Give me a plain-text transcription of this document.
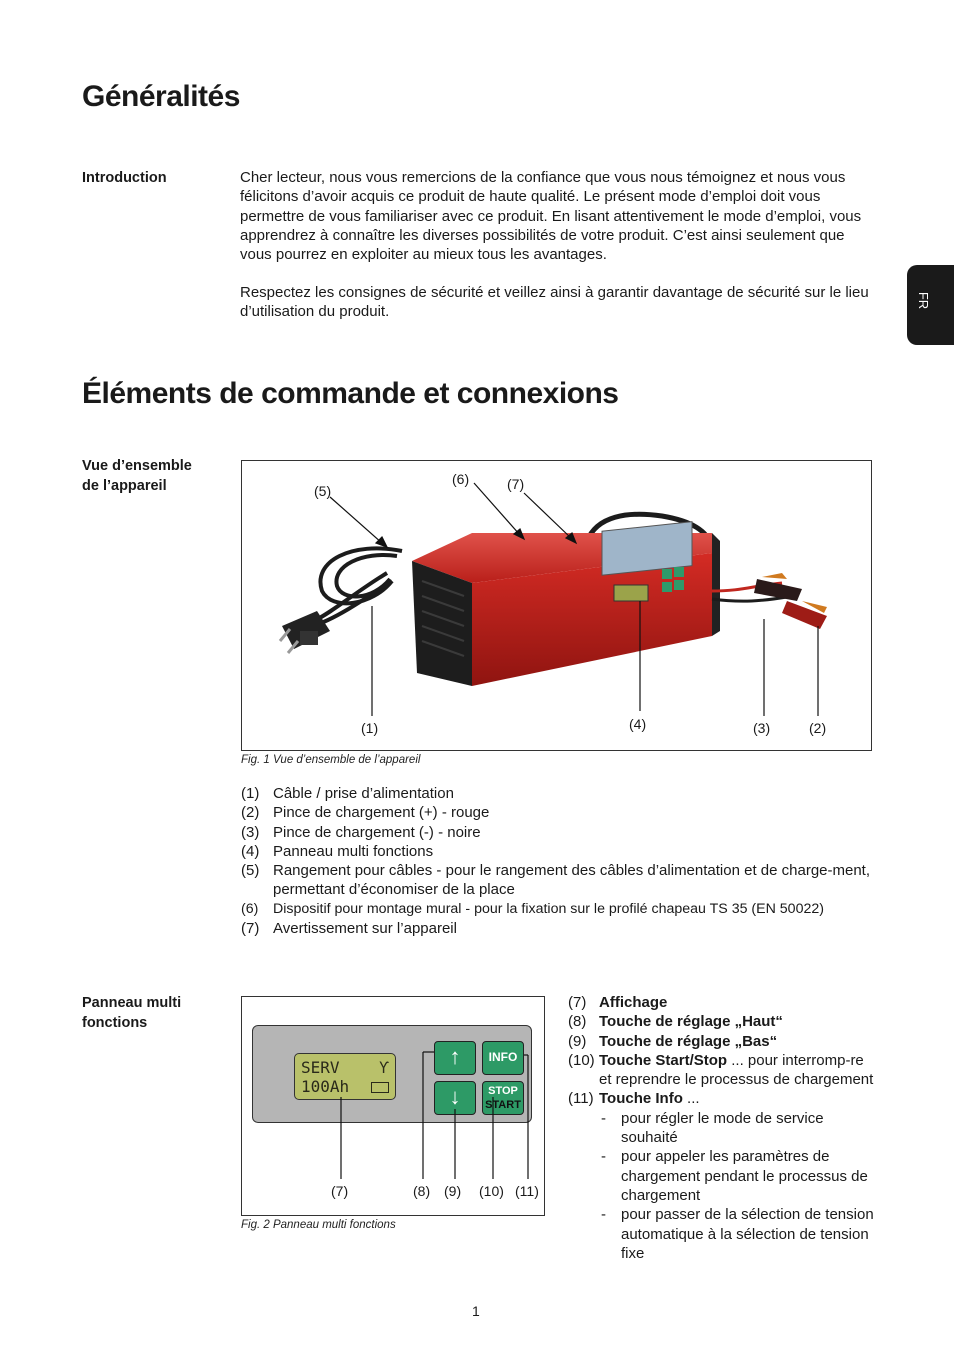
FR
Généralités
Introduction	Cher lecteur, nous vous remercions de la confiance que vous nous témoignez et nous vous félicitons d’avoir acquis ce produit de haute qualité. Le présent mode d’emploi doit vous permettre de vous familiariser avec ce produit. En lisant attentivement le mode d’emploi, vous apprendrez à connaître les diverses possibilités de votre produit. C’est ainsi seulement que vous pourrez en exploiter au mieux tous les avantages.
Respectez les consignes de sécurité et veillez ainsi à garantir davantage de sécurité sur le lieu d’utilisation du produit.
Éléments de commande et connexions
Vue d’ensemble
de l’appareil	(5)
(6)	(7)
(1)	(4)	(3)	(2)
Fig. 1 Vue d’ensemble de l’appareil
(1) Câble / prise d’alimentation
(2) Pince de chargement (+) - rouge
(3) Pince de chargement (-) - noire
(4) Panneau multi fonctions
(5) Rangement pour câbles - pour le rangement des câbles d’alimentation et de charge-ment, permettant d’économiser de la place
(6)	Dispositif pour montage mural - pour la fixation sur le profilé chapeau TS 35 (EN 50022)
(7) Avertissement sur l’appareil
Panneau multi
fonctions
SERV Ƴ
100Ah
↑
↓
INFO
STOP
START
(7)	(8) (9) (10) (11)
Fig. 2 Panneau multi fonctions
(7) Affichage
(8) Touche de réglage „Haut“
(9) Touche de réglage „Bas“
(10) Touche Start/Stop ... pour interromp-re et reprendre le processus de chargement
(11) Touche Info ...
-	pour régler le mode de service souhaité
-	pour appeler les paramètres de chargement pendant le processus de chargement
-	pour passer de la sélection de tension automatique à la sélection de tension fixe
1
